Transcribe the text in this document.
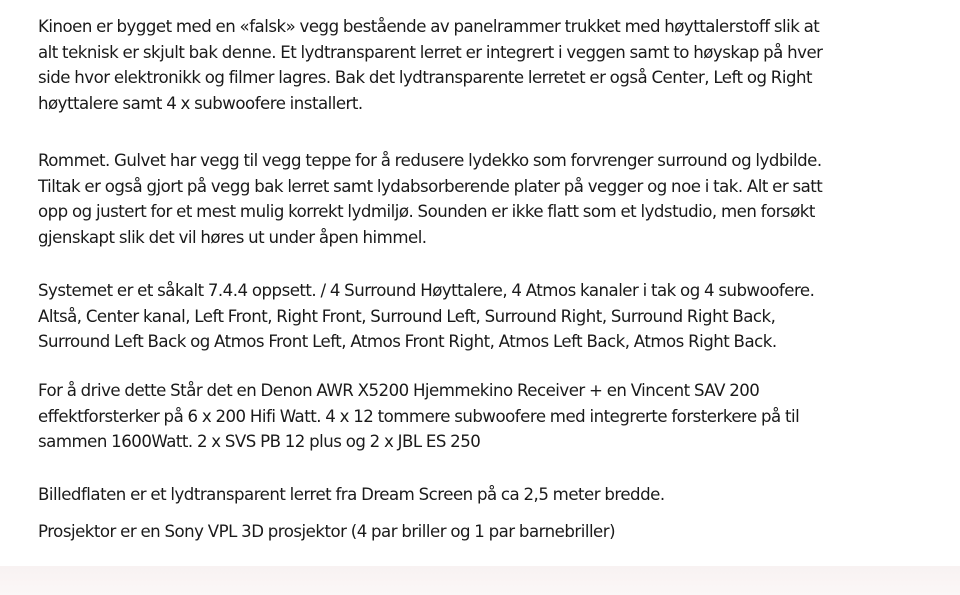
Kinoen er bygget med en «falsk» vegg bestående av panelrammer trukket med høyttalerstoff slik at
alt teknisk er skjult bak denne. Et lydtransparent lerret er integrert i veggen samt to høyskap på hver
side hvor elektronikk og filmer lagres. Bak det lydtransparente lerretet er også Center, Left og Right
høyttalere samt 4 x subwoofere installert.
Rommet. Gulvet har vegg til vegg teppe for å redusere lydekko som forvrenger surround og lydbilde.
Tiltak er også gjort på vegg bak lerret samt lydabsorberende plater på vegger og noe i tak. Alt er satt
opp og justert for et mest mulig korrekt lydmiljø. Sounden er ikke flatt som et lydstudio, men forsøkt
gjenskapt slik det vil høres ut under åpen himmel.
Systemet er et såkalt 7.4.4 oppsett. / 4 Surround Høyttalere, 4 Atmos kanaler i tak og 4 subwoofere.
Altså, Center kanal, Left Front, Right Front, Surround Left, Surround Right, Surround Right Back,
Surround Left Back og Atmos Front Left, Atmos Front Right, Atmos Left Back, Atmos Right Back.
For å drive dette Står det en Denon AWR X5200 Hjemmekino Receiver + en Vincent SAV 200
effektforsterker på 6 x 200 Hifi Watt. 4 x 12 tommere subwoofere med integrerte forsterkere på til
sammen 1600Watt. 2 x SVS PB 12 plus og 2 x JBL ES 250
Billedflaten er et lydtransparent lerret fra Dream Screen på ca 2,5 meter bredde.
Prosjektor er en Sony VPL 3D prosjektor (4 par briller og 1 par barnebriller)
